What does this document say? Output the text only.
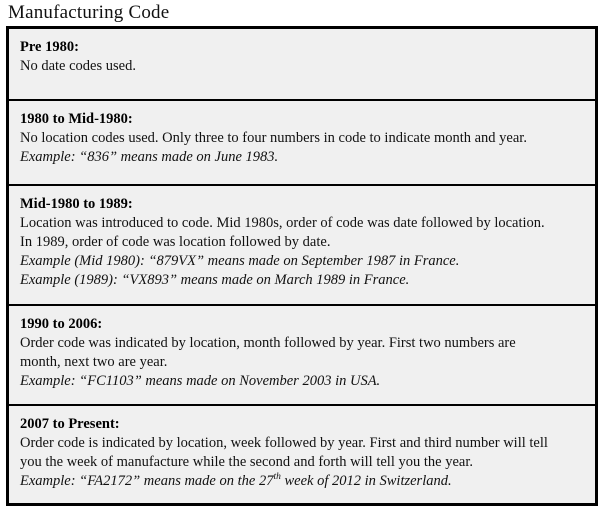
Manufacturing Code
Pre 1980:
No date codes used.
1980 to Mid-1980:
No location codes used. Only three to four numbers in code to indicate month and year.
Example: “836” means made on June 1983.
Mid-1980 to 1989:
Location was introduced to code. Mid 1980s, order of code was date followed by location.
In 1989, order of code was location followed by date.
Example (Mid 1980): “879VX” means made on September 1987 in France.
Example (1989): “VX893” means made on March 1989 in France.
1990 to 2006:
Order code was indicated by location, month followed by year. First two numbers are
month, next two are year.
Example: “FC1103” means made on November 2003 in USA.
2007 to Present:
Order code is indicated by location, week followed by year. First and third number will tell
you the week of manufacture while the second and forth will tell you the year.
Example: “FA2172” means made on the 27th week of 2012 in Switzerland.
